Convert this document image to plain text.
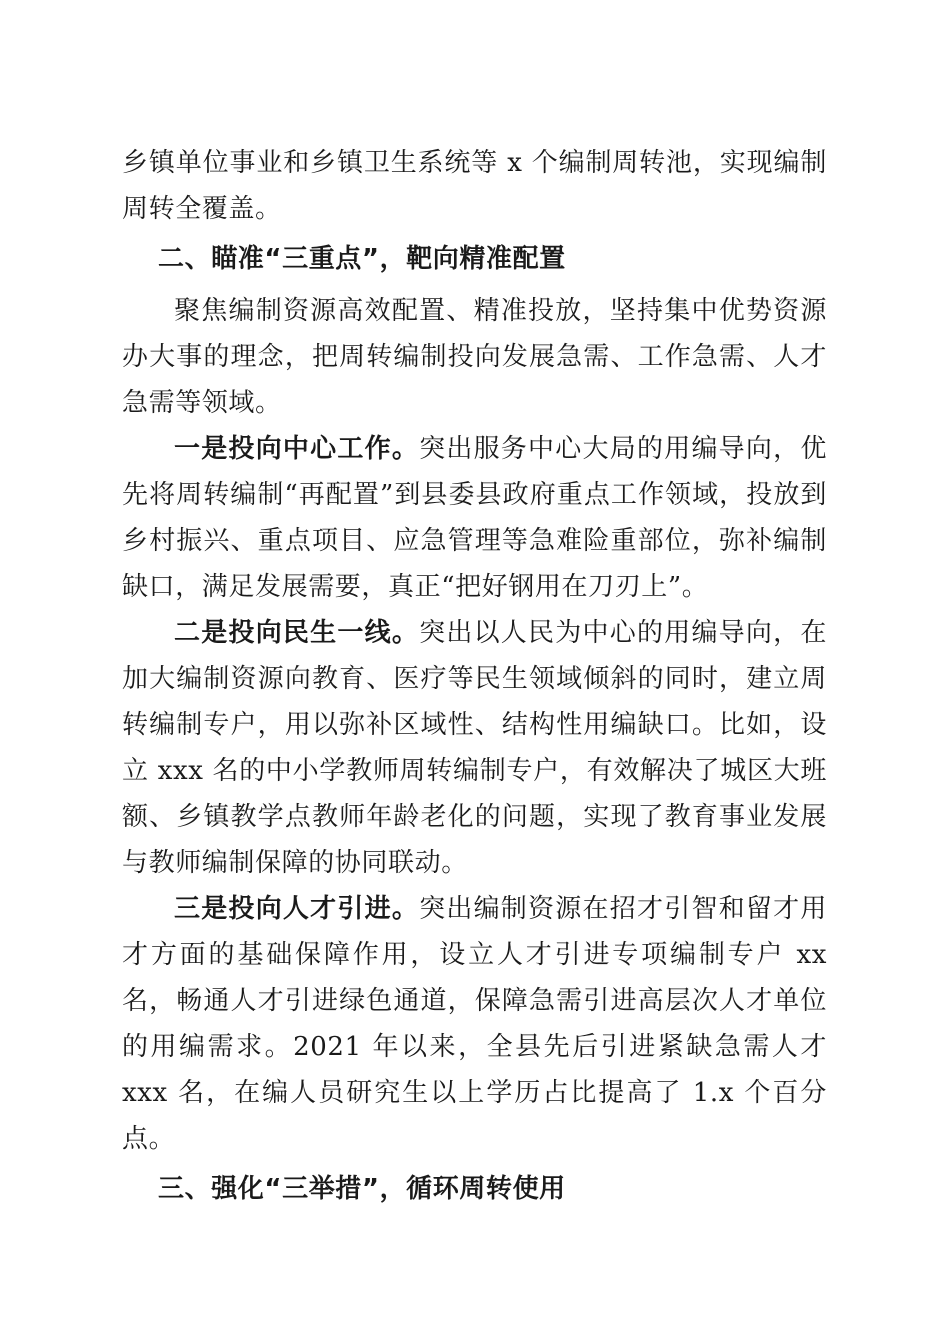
乡镇单位事业和乡镇卫生系统等 x 个编制周转池，实现编制周转全覆盖。

二、瞄准“三重点”，靶向精准配置

聚焦编制资源高效配置、精准投放，坚持集中优势资源办大事的理念，把周转编制投向发展急需、工作急需、人才急需等领域。

一是投向中心工作。突出服务中心大局的用编导向，优先将周转编制“再配置”到县委县政府重点工作领域，投放到乡村振兴、重点项目、应急管理等急难险重部位，弥补编制缺口，满足发展需要，真正“把好钢用在刀刃上”。

二是投向民生一线。突出以人民为中心的用编导向，在加大编制资源向教育、医疗等民生领域倾斜的同时，建立周转编制专户，用以弥补区域性、结构性用编缺口。比如，设立 xxx 名的中小学教师周转编制专户，有效解决了城区大班额、乡镇教学点教师年龄老化的问题，实现了教育事业发展与教师编制保障的协同联动。

三是投向人才引进。突出编制资源在招才引智和留才用才方面的基础保障作用，设立人才引进专项编制专户 xx 名，畅通人才引进绿色通道，保障急需引进高层次人才单位的用编需求。2021 年以来，全县先后引进紧缺急需人才 xxx 名，在编人员研究生以上学历占比提高了 1.x 个百分点。

三、强化“三举措”，循环周转使用
